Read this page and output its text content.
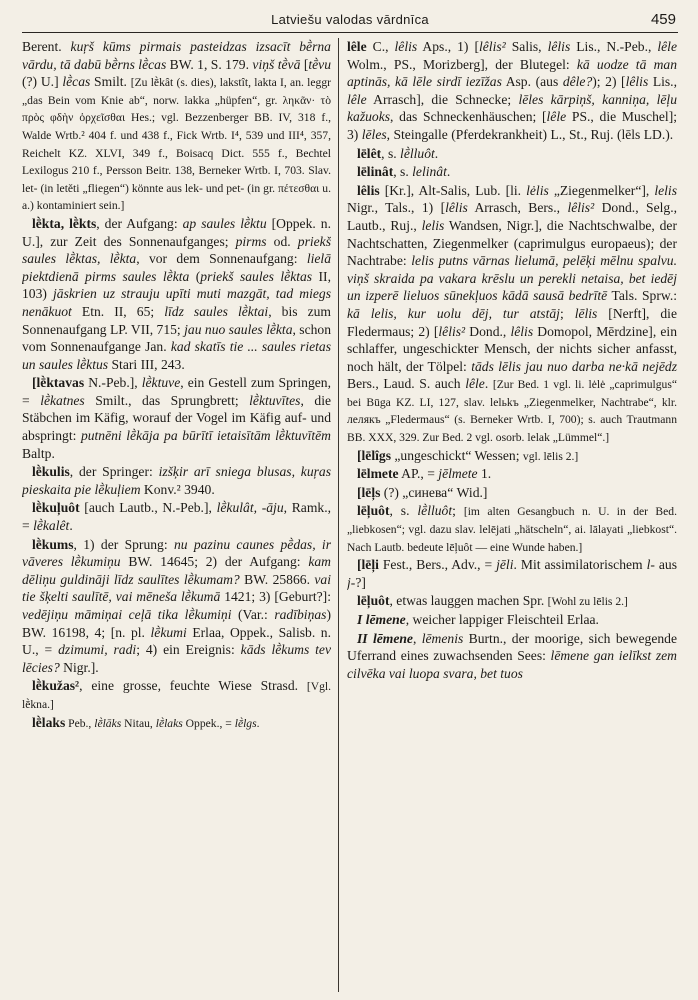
Latviešu valodas vārdnīca	459

Berent. kuŗš kūms pirmais pasteidzas izsacīt bḕrna vārdu, tā dabū bḕrns lḕcas BW. 1, S. 179. viņš tḕvā [tḕvu (?) U.] lḕcas Smilt. [Zu lḕkât (s. dies), lakstît, lakta I, an. leggr „das Bein vom Knie ab“, norw. lakka „hüpfen“, gr. ληκᾶν· τὸ πρὸς φδὴν ὀρχεῖσθαι Hes.; vgl. Bezzenberger BB. IV, 318 f., Walde Wrtb.² 404 f. und 438 f., Fick Wrtb. I⁴, 539 und III⁴, 357, Reichelt KZ. XLVI, 349 f., Boisacq Dict. 555 f., Bechtel Lexilogus 210 f., Persson Beitr. 138, Berneker Wrtb. I, 703. Slav. let- (in letěti „fliegen“) könnte aus lek- und pet- (in gr. πέτεσθαι u. a.) kontaminiert sein.]

lḕkta, lḕkts, der Aufgang: ap saules lḕktu [Oppek. n. U.], zur Zeit des Sonnenaufganges; pirms od. priekš saules lḕktas, lḕkta, vor dem Sonnenaufgang: lielā piektdienā pirms saules lḕkta (priekš saules lḕktas II, 103) jāskrien uz strauju upīti muti mazgāt, tad miegs nenākuot Etn. II, 65; līdz saules lḕktai, bis zum Sonnenaufgang LP. VII, 715; jau nuo saules lḕkta, schon vom Sonnenaufgange Jan. kad skatīs tie ... saules rietas un saules lḕktus Stari III, 243.

[lḕktavas N.-Peb.], lḕktuve, ein Gestell zum Springen, = lḕkatnes Smilt., das Sprungbrett; lḕktuvītes, die Stäbchen im Käfig, worauf der Vogel im Käfig auf- und abspringt: putnēni lḕkāja pa būrītī ietaisītām lḕktuvītēm Baltp.

lḕkulis, der Springer: izšķir arī sniega blusas, kuŗas pieskaita pie lḕkuļiem Konv.² 3940.

lḕkuļuôt [auch Lautb., N.-Peb.], lḕkulât, -āju, Ramk., = lḕkalêt.

lḕkums, 1) der Sprung: nu pazinu caunes pḕdas, ir vāveres lḕkumiņu BW. 14645; 2) der Aufgang: kam dēliņu guldināji līdz saulītes lḕkumam? BW. 25866. vai tie šķelti saulītē, vai mēneša lḕkumā 1421; 3) [Geburt?]: vedējiņu māmiņai ceļā tika lḕkumiņi (Var.: radībiņas) BW. 16198, 4; [n. pl. lḕkumi Erlaa, Oppek., Salisb. n. U., = dzimumi, radi; 4) ein Ereignis: kāds lḕkums tev lēcies? Nigr.].

lḕkužas², eine grosse, feuchte Wiese Strasd. [Vgl. lḕkna.]

lḕlaks Peb., lḕlāks Nitau, lḕlaks Oppek., = lḕlgs.

lêle C., lêlis Aps., 1) [lêlis² Salis, lêlis Lis., N.-Peb., lêle Wolm., PS., Morizberg], der Blutegel: kā uodze tā man aptinās, kā lēle sirdī iezīžas Asp. (aus dêle?); 2) [lêlis Lis., lêle Arrasch], die Schnecke; lēles kārpiņš, kanniņa, lēļu kažuoks, das Schneckenhäuschen; [lêle PS., die Muschel]; 3) lēles, Steingalle (Pferdekrankheit) L., St., Ruj. (lēls LD.).

lēlêt, s. lḕlluôt.

lēlinât, s. lelinât.

lêlis [Kr.], Alt-Salis, Lub. [li. lėlis „Ziegenmelker“], lelis Nigr., Tals., 1) [lêlis Arrasch, Bers., lêlis² Dond., Selg., Lautb., Ruj., lelis Wandsen, Nigr.], die Nachtschwalbe, der Nachtschatten, Ziegenmelker (caprimulgus europaeus); der Nachtrabe: lelis putns vārnas lielumā, pelēķi mēlnu spalvu. viņš skraida pa vakara krēslu un perekli netaisa, bet iedēj un izperē lieluos sūnekļuos kādā sausā bedrītē Tals. Sprw.: kā lelis, kur uolu dēj, tur atstāj; lēlis [Nerft], die Fledermaus; 2) [lêlis² Dond., lêlis Domopol, Mērdzine], ein schlaffer, ungeschickter Mensch, der nichts sicher anfasst, noch hält, der Tölpel: tāds lēlis jau nuo darba ne·kā nejēdz Bers., Laud. S. auch lêle. [Zur Bed. 1 vgl. li. lėlė „caprimulgus“ bei Būga KZ. LI, 127, slav. lelьkъ „Ziegenmelker, Nachtrabe“, klr. лелякъ „Fledermaus“ (s. Berneker Wrtb. I, 700); s. auch Trautmann BB. XXX, 329. Zur Bed. 2 vgl. osorb. lelak „Lümmel“.]

[lēlîgs „ungeschickt“ Wessen; vgl. lēlis 2.]

lēlmete AP., = jēlmete 1.

[lēļs (?) „синева“ Wid.]

lēļuôt, s. lḕlluôt; [im alten Gesangbuch n. U. in der Bed. „liebkosen“; vgl. dazu slav. lelējati „hätscheln“, ai. lālayati „liebkost“. Nach Lautb. bedeute lēļuôt — eine Wunde haben.]

[lēļi Fest., Bers., Adv., = jēli. Mit assimilatorischem l- aus j-?]

lēļuôt, etwas lauggen machen Spr. [Wohl zu lēlis 2.]

I lēmene, weicher lappiger Fleischteil Erlaa.

II lēmene, lēmenis Burtn., der moorige, sich bewegende Uferrand eines zuwachsenden Sees: lēmene gan ielīkst zem cilvēka vai luopa svara, bet tuos
